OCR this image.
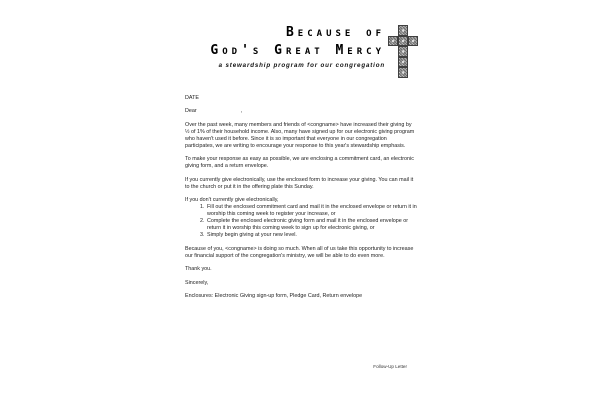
Because of
God's Great Mercy
a stewardship program for our congregation

DATE

Dear	,

Over the past week, many members and friends of <congname> have increased their giving by ½ of 1% of their household income. Also, many have signed up for our electronic giving program who haven't used it before. Since it is so important that everyone in our congregation participates, we are writing to encourage your response to this year's stewardship emphasis.

To make your response as easy as possible, we are enclosing a commitment card, an electronic giving form, and a return envelope.

If you currently give electronically, use the enclosed form to increase your giving. You can mail it to the church or put it in the offering plate this Sunday.

If you don't currently give electronically,

1. Fill out the enclosed commitment card and mail it in the enclosed envelope or return it in worship this coming week to register your increase, or
2. Complete the enclosed electronic giving form and mail it in the enclosed envelope or return it in worship this coming week to sign up for electronic giving, or
3. Simply begin giving at your new level.

Because of you, <congname> is doing so much. When all of us take this opportunity to increase our financial support of the congregation's ministry, we will be able to do even more.

Thank you.

Sincerely,

Enclosures: Electronic Giving sign-up form, Pledge Card, Return envelope

Follow-Up Letter
